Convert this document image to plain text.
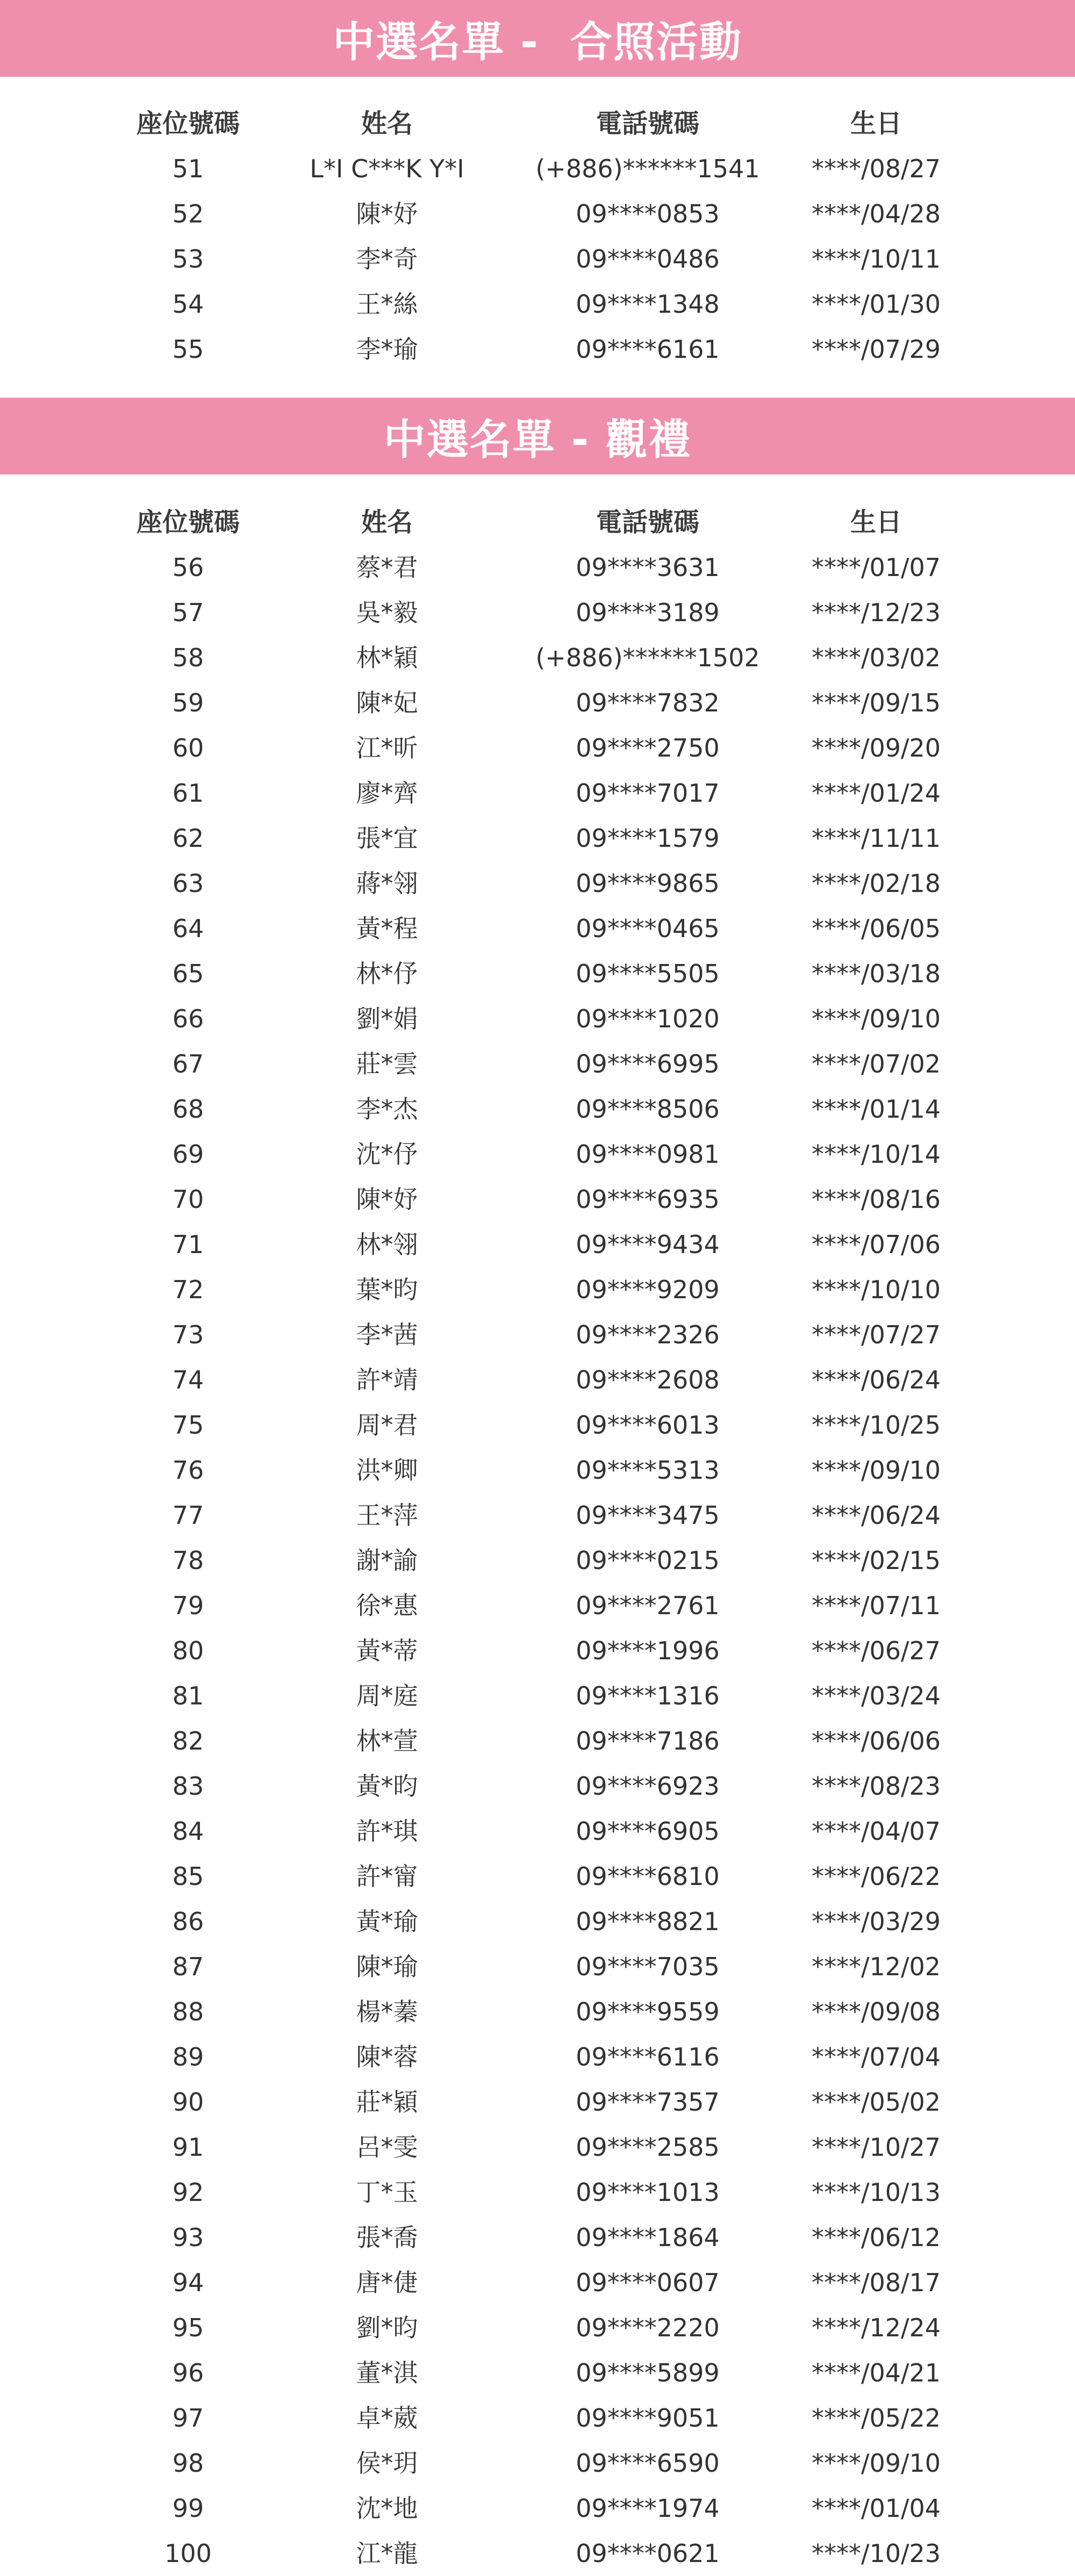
中選名單 -  合照活動
座位號碼	姓名	電話號碼	生日
51	L*I C***K Y*I	(+886)******1541	****/08/27
52	陳*妤	09****0853	****/04/28
53	李*奇	09****0486	****/10/11
54	王*絲	09****1348	****/01/30
55	李*瑜	09****6161	****/07/29
中選名單 - 觀禮
座位號碼	姓名	電話號碼	生日
56	蔡*君	09****3631	****/01/07
57	吳*毅	09****3189	****/12/23
58	林*穎	(+886)******1502	****/03/02
59	陳*妃	09****7832	****/09/15
60	江*昕	09****2750	****/09/20
61	廖*齊	09****7017	****/01/24
62	張*宜	09****1579	****/11/11
63	蔣*翎	09****9865	****/02/18
64	黃*程	09****0465	****/06/05
65	林*伃	09****5505	****/03/18
66	劉*娟	09****1020	****/09/10
67	莊*雲	09****6995	****/07/02
68	李*杰	09****8506	****/01/14
69	沈*伃	09****0981	****/10/14
70	陳*妤	09****6935	****/08/16
71	林*翎	09****9434	****/07/06
72	葉*昀	09****9209	****/10/10
73	李*茜	09****2326	****/07/27
74	許*靖	09****2608	****/06/24
75	周*君	09****6013	****/10/25
76	洪*卿	09****5313	****/09/10
77	王*萍	09****3475	****/06/24
78	謝*諭	09****0215	****/02/15
79	徐*惠	09****2761	****/07/11
80	黃*蒂	09****1996	****/06/27
81	周*庭	09****1316	****/03/24
82	林*萱	09****7186	****/06/06
83	黃*昀	09****6923	****/08/23
84	許*琪	09****6905	****/04/07
85	許*甯	09****6810	****/06/22
86	黃*瑜	09****8821	****/03/29
87	陳*瑜	09****7035	****/12/02
88	楊*蓁	09****9559	****/09/08
89	陳*蓉	09****6116	****/07/04
90	莊*穎	09****7357	****/05/02
91	呂*雯	09****2585	****/10/27
92	丁*玉	09****1013	****/10/13
93	張*喬	09****1864	****/06/12
94	唐*倢	09****0607	****/08/17
95	劉*昀	09****2220	****/12/24
96	董*淇	09****5899	****/04/21
97	卓*葳	09****9051	****/05/22
98	侯*玥	09****6590	****/09/10
99	沈*地	09****1974	****/01/04
100	江*龍	09****0621	****/10/23
